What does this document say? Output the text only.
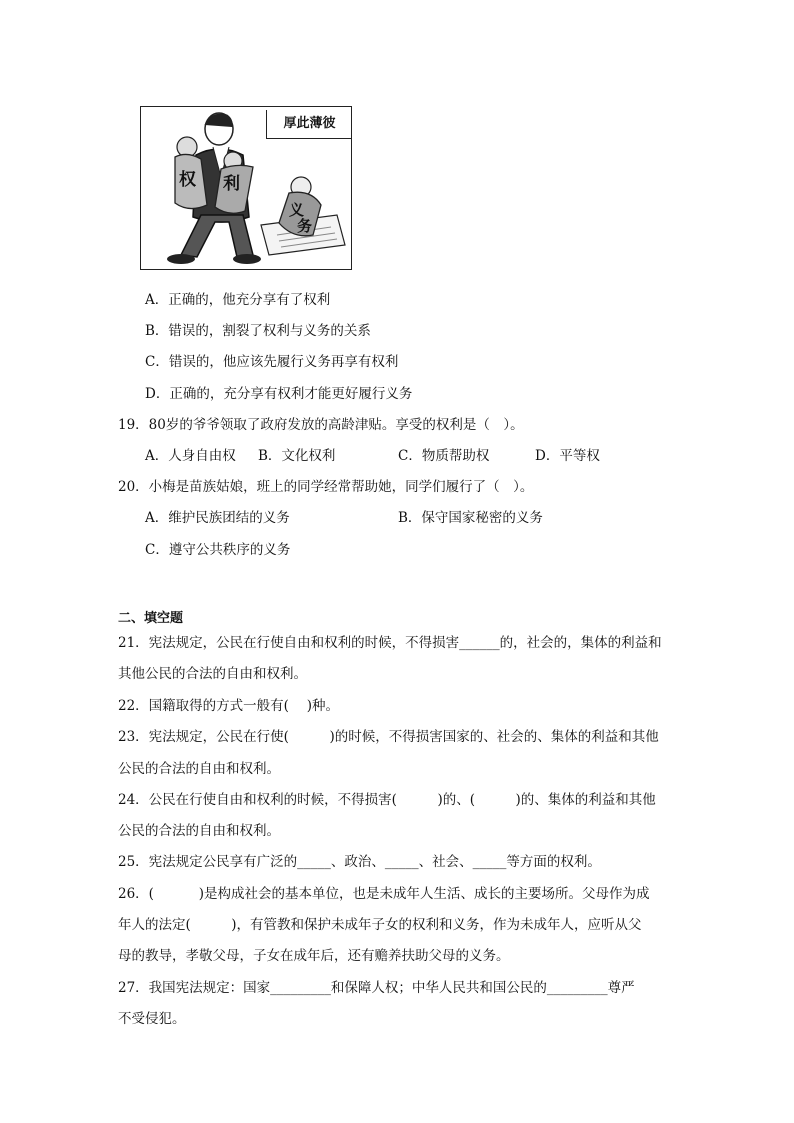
厚此薄彼
权 利
义
务
A．正确的，他充分享有了权利
B．错误的，割裂了权利与义务的关系
C．错误的，他应该先履行义务再享有权利
D．正确的，充分享有权利才能更好履行义务
19．80岁的爷爷领取了政府发放的高龄津贴。享受的权利是（　）。
A．人身自由权 B．文化权利	C．物质帮助权	D．平等权
20．小梅是苗族姑娘，班上的同学经常帮助她，同学们履行了（　）。
A．维护民族团结的义务	B．保守国家秘密的义务
C．遵守公共秩序的义务
二、填空题
21．宪法规定，公民在行使自由和权利的时候，不得损害______的，社会的，集体的利益和
其他公民的合法的自由和权利。
22．国籍取得的方式一般有(　 )种。
23．宪法规定，公民在行使(　　　)的时候，不得损害国家的、社会的、集体的利益和其他
公民的合法的自由和权利。
24．公民在行使自由和权利的时候，不得损害(　　　)的、(　　　)的、集体的利益和其他
公民的合法的自由和权利。
25．宪法规定公民享有广泛的_____、政治、_____、社会、_____等方面的权利。
26．(　　　 )是构成社会的基本单位，也是未成年人生活、成长的主要场所。父母作为成
年人的法定(　　　)，有管教和保护未成年子女的权利和义务，作为未成年人，应听从父
母的教导，孝敬父母，子女在成年后，还有赡养扶助父母的义务。
27．我国宪法规定：国家_________和保障人权；中华人民共和国公民的_________尊严
不受侵犯。
